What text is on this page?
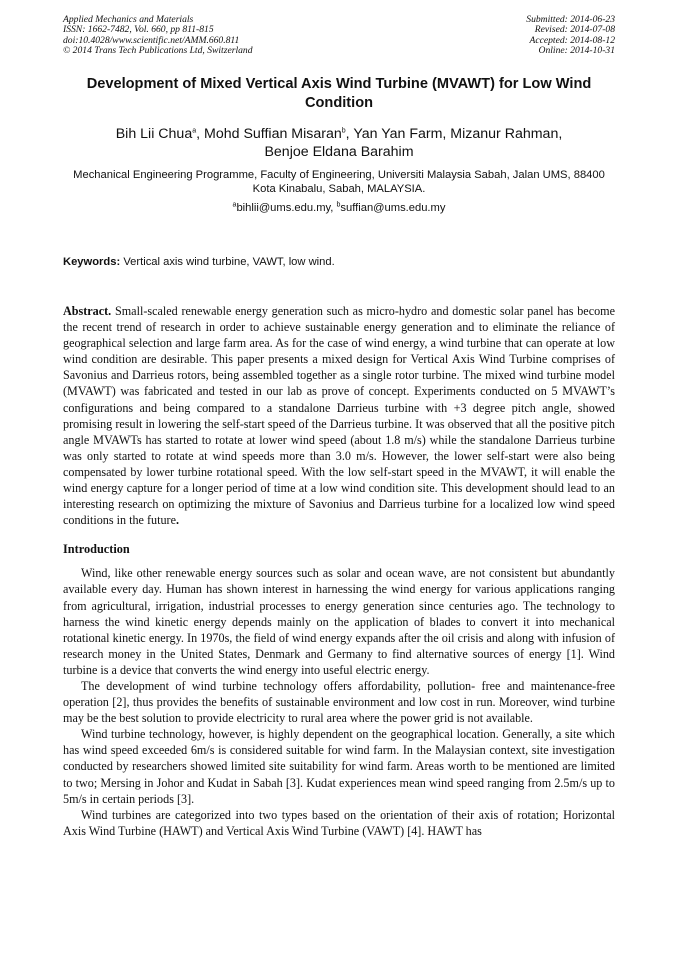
Applied Mechanics and Materials
ISSN: 1662-7482, Vol. 660, pp 811-815
doi:10.4028/www.scientific.net/AMM.660.811
© 2014 Trans Tech Publications Ltd, Switzerland
Submitted: 2014-06-23
Revised: 2014-07-08
Accepted: 2014-08-12
Online: 2014-10-31
Development of Mixed Vertical Axis Wind Turbine (MVAWT) for Low Wind Condition
Bih Lii Chua$^a$, Mohd Suffian Misaran$^b$, Yan Yan Farm, Mizanur Rahman,
Benjoe Eldana Barahim
Mechanical Engineering Programme, Faculty of Engineering, Universiti Malaysia Sabah, Jalan UMS, 88400 Kota Kinabalu, Sabah, MALAYSIA.
$^a$bihlii@ums.edu.my, $^b$suffian@ums.edu.my
Keywords: Vertical axis wind turbine, VAWT, low wind.
Abstract. Small-scaled renewable energy generation such as micro-hydro and domestic solar panel has become the recent trend of research in order to achieve sustainable energy generation and to eliminate the reliance of geographical selection and large farm area. As for the case of wind energy, a wind turbine that can operate at low wind condition are desirable. This paper presents a mixed design for Vertical Axis Wind Turbine comprises of Savonius and Darrieus rotors, being assembled together as a single rotor turbine. The mixed wind turbine model (MVAWT) was fabricated and tested in our lab as prove of concept. Experiments conducted on 5 MVAWT’s configurations and being compared to a standalone Darrieus turbine with +3 degree pitch angle, showed promising result in lowering the self-start speed of the Darrieus turbine. It was observed that all the positive pitch angle MVAWTs has started to rotate at lower wind speed (about 1.8 m/s) while the standalone Darrieus turbine was only started to rotate at wind speeds more than 3.0 m/s. However, the lower self-start were also being compensated by lower turbine rotational speed. With the low self-start speed in the MVAWT, it will enable the wind energy capture for a longer period of time at a low wind condition site. This development should lead to an interesting research on optimizing the mixture of Savonius and Darrieus turbine for a localized low wind speed conditions in the future.
Introduction

Wind, like other renewable energy sources such as solar and ocean wave, are not consistent but abundantly available every day. Human has shown interest in harnessing the wind energy for various applications ranging from agricultural, irrigation, industrial processes to energy generation since centuries ago. The technology to harness the wind kinetic energy depends mainly on the application of blades to convert it into mechanical rotational kinetic energy. In 1970s, the field of wind energy expands after the oil crisis and along with infusion of research money in the United States, Denmark and Germany to find alternative sources of energy [1]. Wind turbine is a device that converts the wind energy into useful electric energy.

The development of wind turbine technology offers affordability, pollution- free and maintenance-free operation [2], thus provides the benefits of sustainable environment and low cost in run. Moreover, wind turbine may be the best solution to provide electricity to rural area where the power grid is not available.

Wind turbine technology, however, is highly dependent on the geographical location. Generally, a site which has wind speed exceeded 6m/s is considered suitable for wind farm. In the Malaysian context, site investigation conducted by researchers showed limited site suitability for wind farm. Areas worth to be mentioned are limited to two; Mersing in Johor and Kudat in Sabah [3]. Kudat experiences mean wind speed ranging from 2.5m/s up to 5m/s in certain periods [3].

Wind turbines are categorized into two types based on the orientation of their axis of rotation; Horizontal Axis Wind Turbine (HAWT) and Vertical Axis Wind Turbine (VAWT) [4]. HAWT has
